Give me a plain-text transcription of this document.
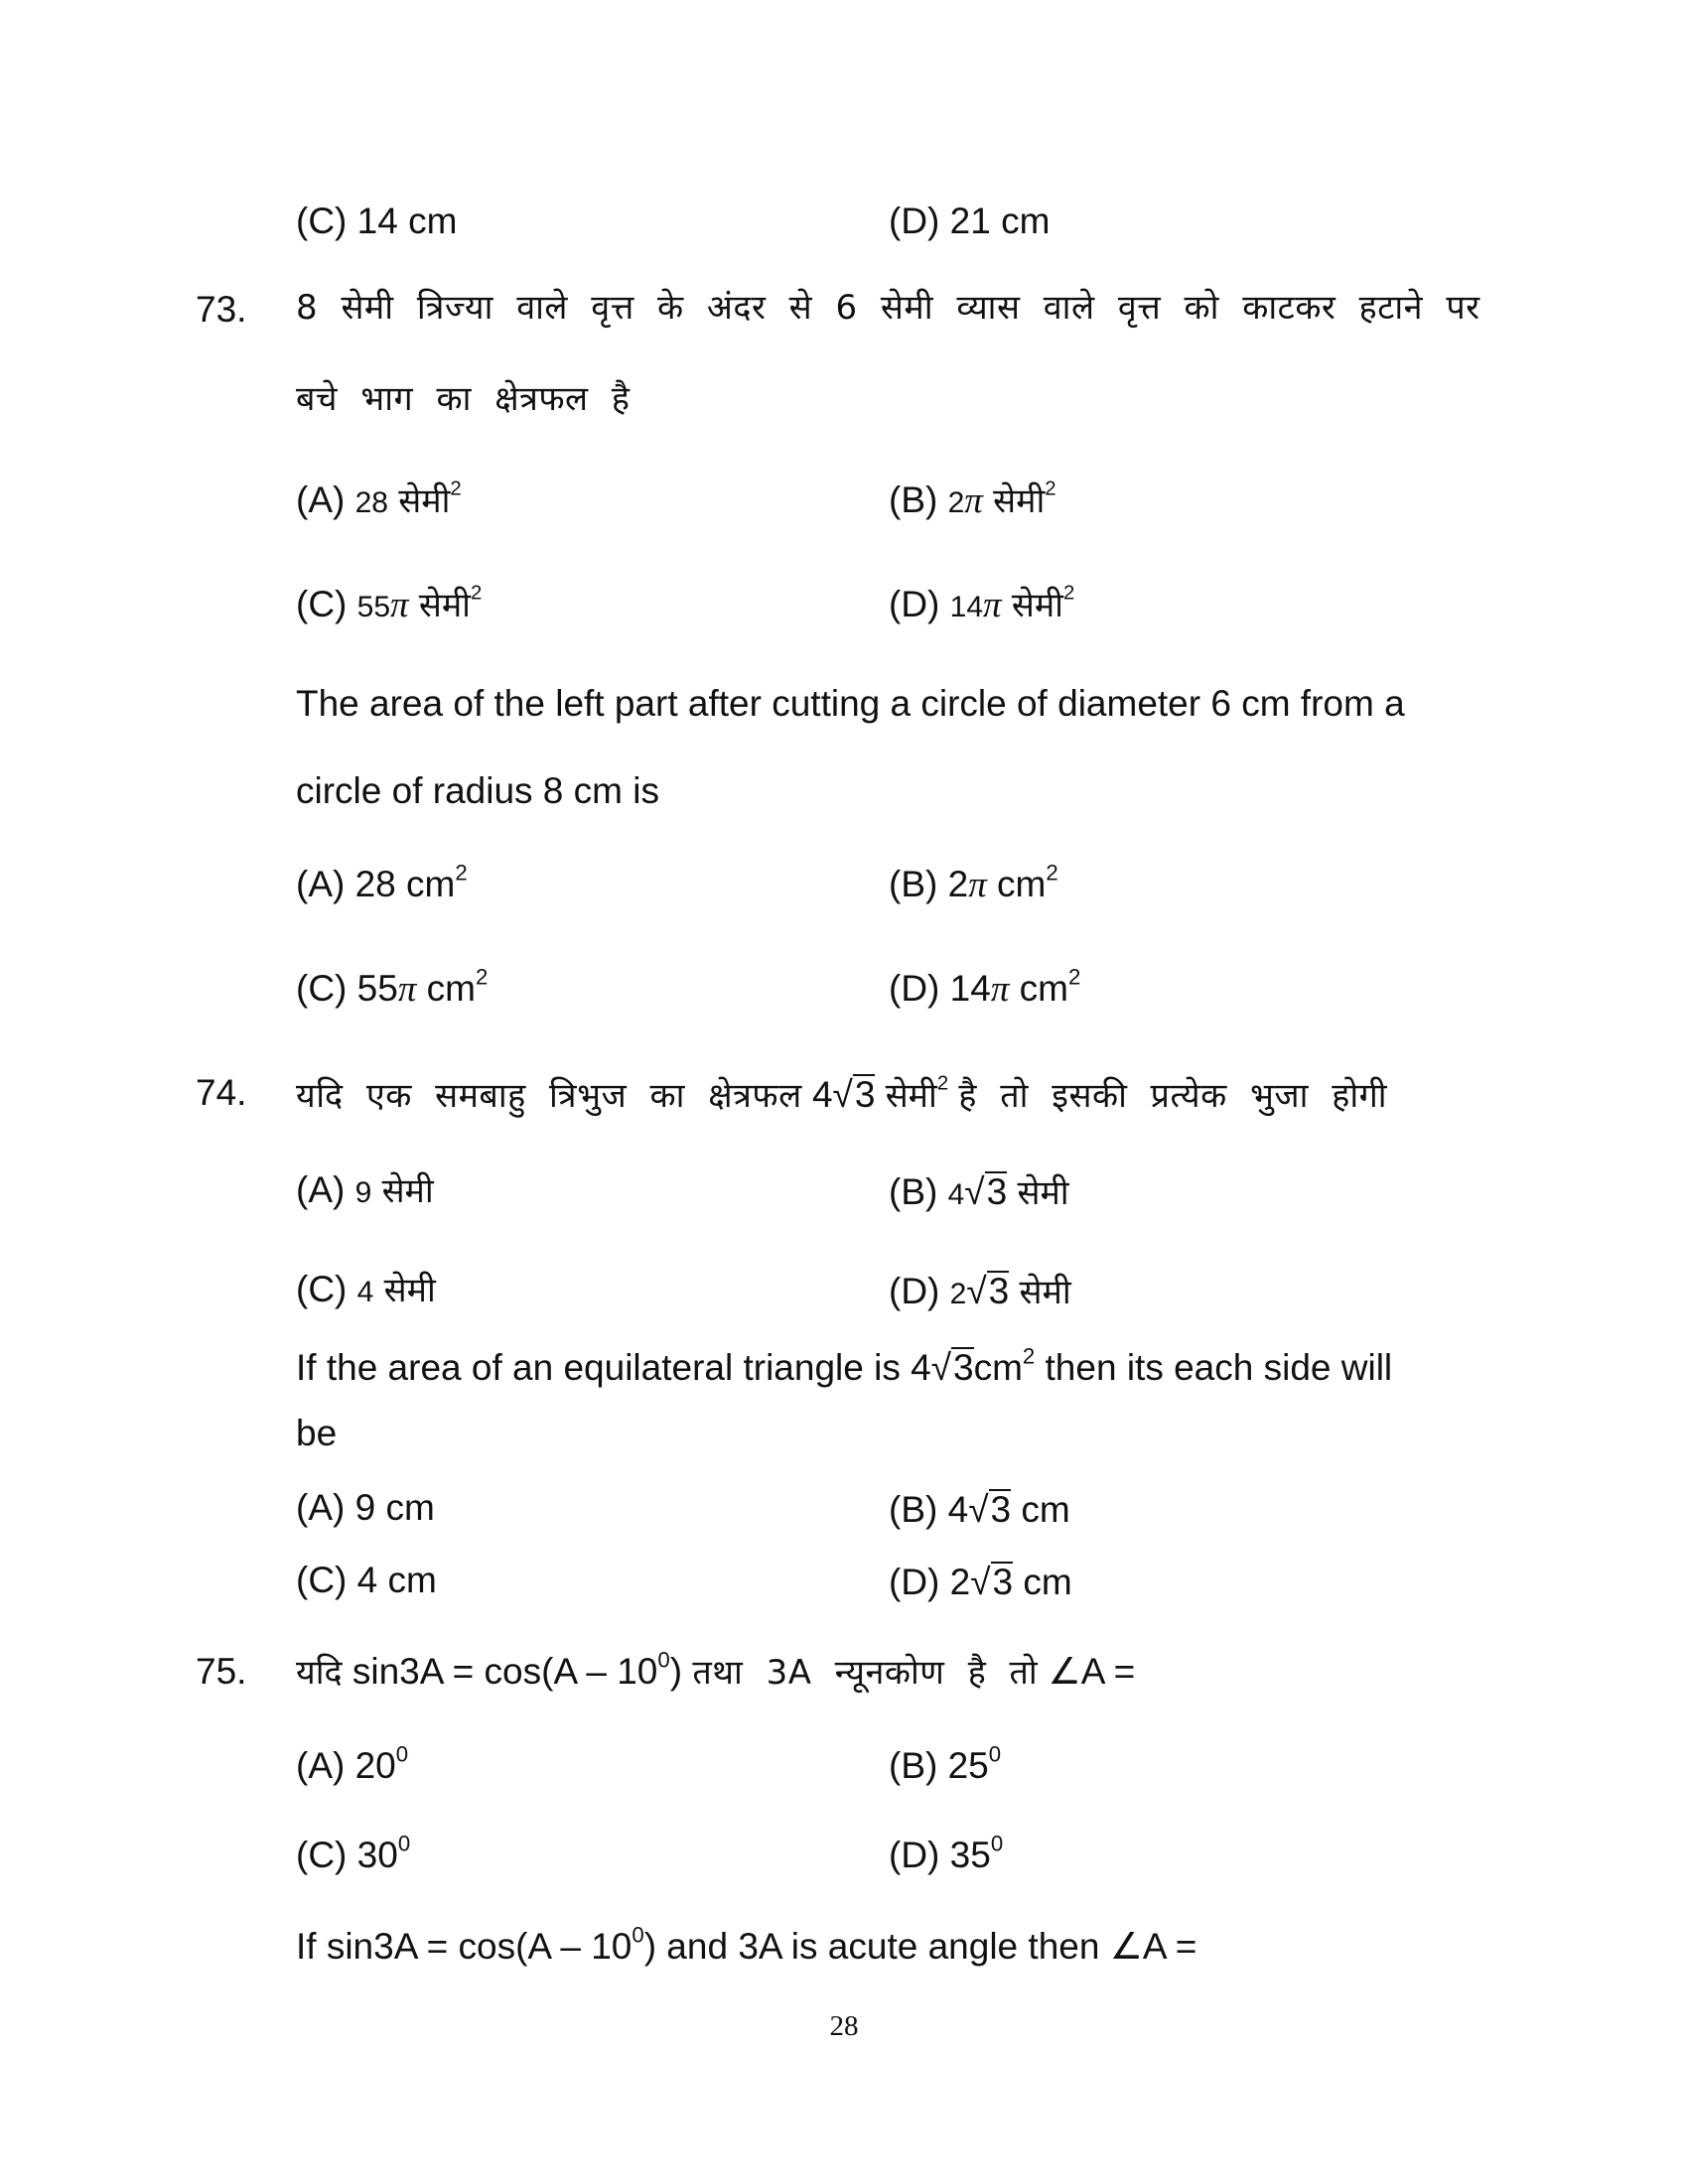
(C) 14 cm	(D) 21 cm
73. 8 सेमी त्रिज्या वाले वृत्त के अंदर से 6 सेमी व्यास वाले वृत्त को काटकर हटाने पर
बचे भाग का क्षेत्रफल है
(A) 28 सेमी$^2$	(B) 2π सेमी$^2$
(C) 55π सेमी$^2$	(D) 14π सेमी$^2$
The area of the left part after cutting a circle of diameter 6 cm from a
circle of radius 8 cm is
(A) 28 $cm^2$	(B) 2π $cm^2$
(C) 55π $cm^2$	(D) 14π $cm^2$
74. यदि एक समबाहु त्रिभुज का क्षेत्रफल 4√3 सेमी$^2$ है तो इसकी प्रत्येक भुजा होगी
(A) 9 सेमी	(B) 4√3 सेमी
(C) 4 सेमी	(D) 2√3 सेमी
If the area of an equilateral triangle is $4√3cm^2$ then its each side will
be
(A) 9 cm	(B) 4√3 cm
(C) 4 cm	(D) 2√3 cm
75. यदि $\sin 3A = \cos(A - 10^0)$ तथा 3A न्यूनकोण है तो ∠A =
(A) $20^0$	(B) $25^0$
(C) $30^0$	(D) $35^0$
If $\sin 3A = \cos(A - 10^0)$ and 3A is acute angle then ∠A =
28
